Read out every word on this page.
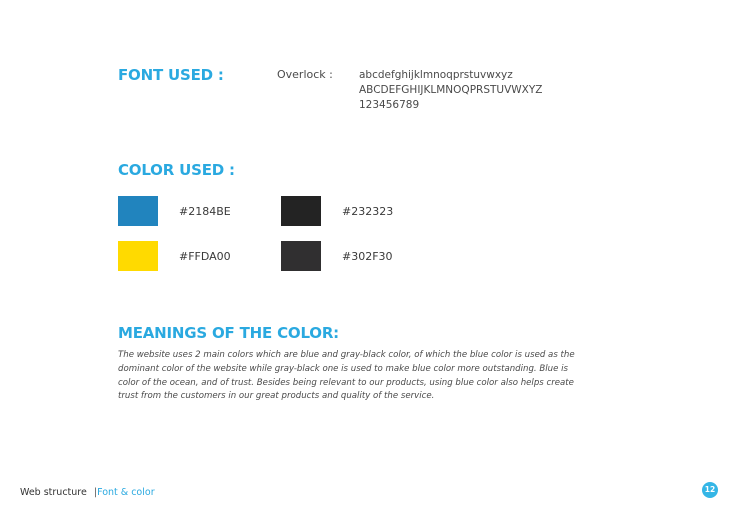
FONT USED :	Overlock : abcdefghijklmnoqprstuvwxyz
ABCDEFGHIJKLMNOQPRSTUVWXYZ
123456789
COLOR USED :
#2184BE	#232323
#FFDA00	#302F30
MEANINGS OF THE COLOR:

The website uses 2 main colors which are blue and gray-black color, of which the blue color is used as the dominant color of the website while gray-black one is used to make blue color more outstanding. Blue is color of the ocean, and of trust. Besides being relevant to our products, using blue color also helps create trust from the customers in our great products and quality of the service.

Web structure |Font & color	12
